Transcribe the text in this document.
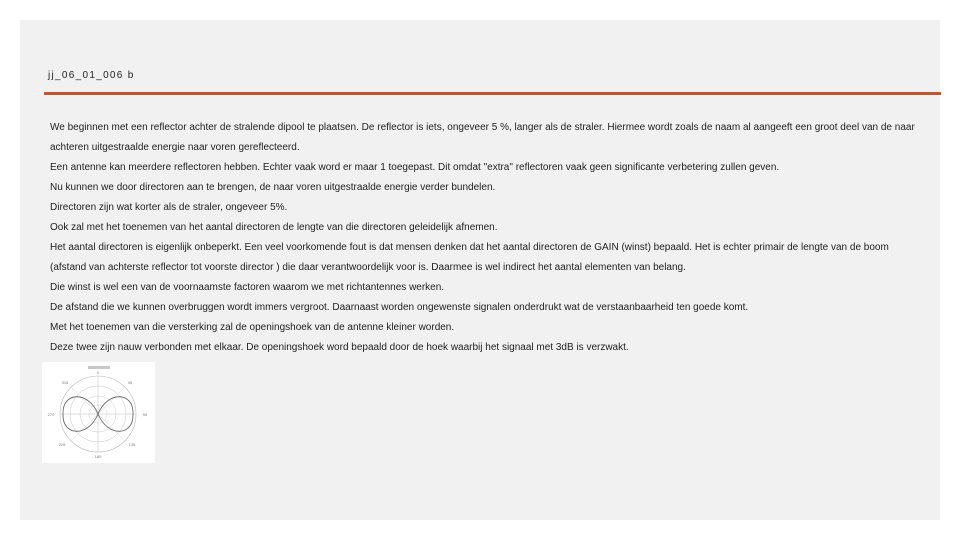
jj_06_01_006 b

We beginnen met een reflector achter de stralende dipool te plaatsen. De reflector is iets, ongeveer 5 %, langer als de straler. Hiermee wordt zoals de naam al aangeeft een groot deel van de naar achteren uitgestraalde energie naar voren gereflecteerd.

Een antenne kan meerdere reflectoren hebben. Echter vaak word er maar 1 toegepast. Dit omdat "extra" reflectoren vaak geen significante verbetering zullen geven.

Nu kunnen we door directoren aan te brengen, de naar voren uitgestraalde energie verder bundelen.

Directoren zijn wat korter als de straler, ongeveer 5%.

Ook zal met het toenemen van het aantal directoren de lengte van die directoren geleidelijk afnemen.

Het aantal directoren is eigenlijk onbeperkt. Een veel voorkomende fout is dat mensen denken dat het aantal directoren de GAIN (winst) bepaald. Het is echter primair de lengte van de boom (afstand van achterste reflector tot voorste director ) die daar verantwoordelijk voor is. Daarmee is wel indirect het aantal elementen van belang.

Die winst is wel een van de voornaamste factoren waarom we met richtantennes werken.

De afstand die we kunnen overbruggen wordt immers vergroot. Daarnaast worden ongewenste signalen onderdrukt wat de verstaanbaarheid ten goede komt.

Met het toenemen van die versterking zal de openingshoek van de antenne kleiner worden.

Deze twee zijn nauw verbonden met elkaar. De openingshoek word bepaald door de hoek waarbij het signaal met 3dB is verzwakt.

0
315	45
270	90
225	135
180
